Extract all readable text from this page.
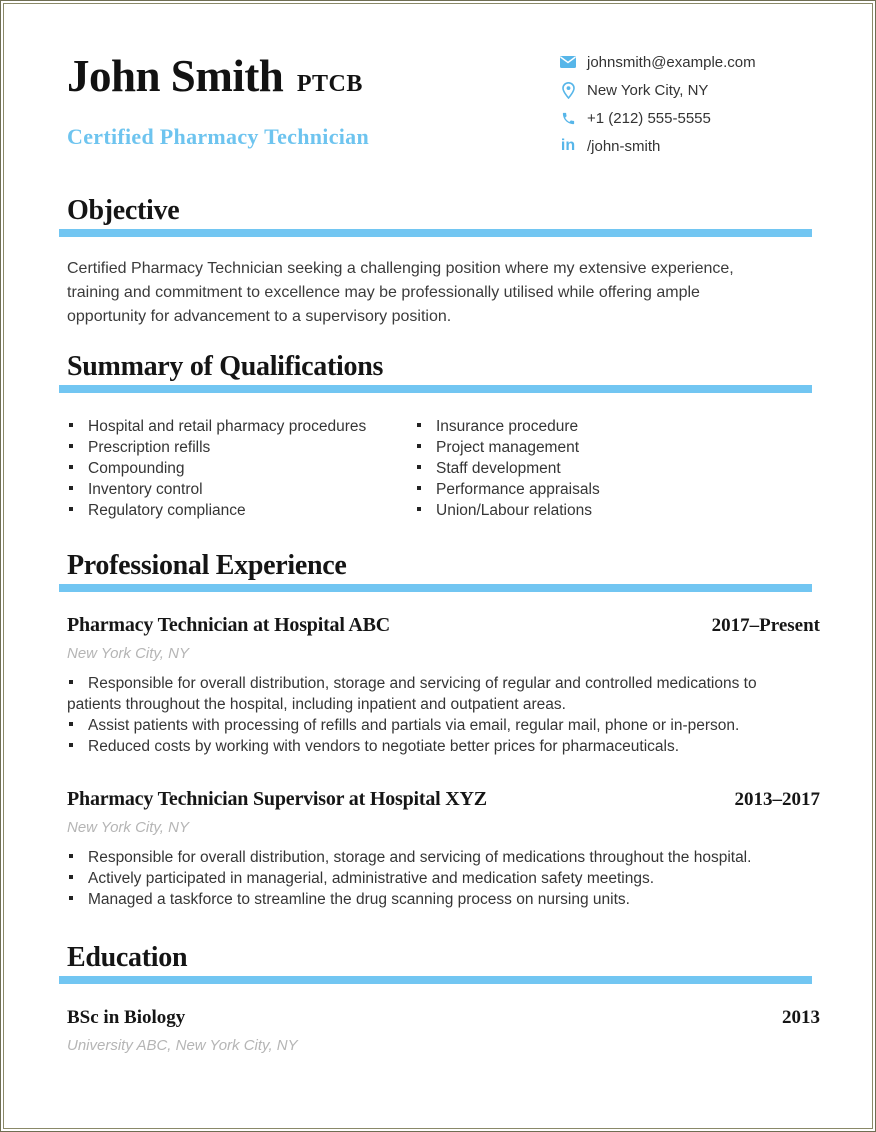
John Smith PTCB
Certified Pharmacy Technician
johnsmith@example.com
New York City, NY
+1 (212) 555-5555
in /john-smith
Objective

Certified Pharmacy Technician seeking a challenging position where my extensive experience, training and commitment to excellence may be professionally utilised while offering ample opportunity for advancement to a supervisory position.

Summary of Qualifications
Hospital and retail pharmacy procedures
Prescription refills
Compounding
Inventory control
Regulatory compliance
Insurance procedure
Project management
Staff development
Performance appraisals
Union/Labour relations
Professional Experience
Pharmacy Technician at Hospital ABC	2017–Present
New York City, NY
Responsible for overall distribution, storage and servicing of regular and controlled medications to patients throughout the hospital, including inpatient and outpatient areas.
Assist patients with processing of refills and partials via email, regular mail, phone or in-person.
Reduced costs by working with vendors to negotiate better prices for pharmaceuticals.
Pharmacy Technician Supervisor at Hospital XYZ	2013–2017
New York City, NY
Responsible for overall distribution, storage and servicing of medications throughout the hospital.
Actively participated in managerial, administrative and medication safety meetings.
Managed a taskforce to streamline the drug scanning process on nursing units.
Education
BSc in Biology	2013
University ABC, New York City, NY
